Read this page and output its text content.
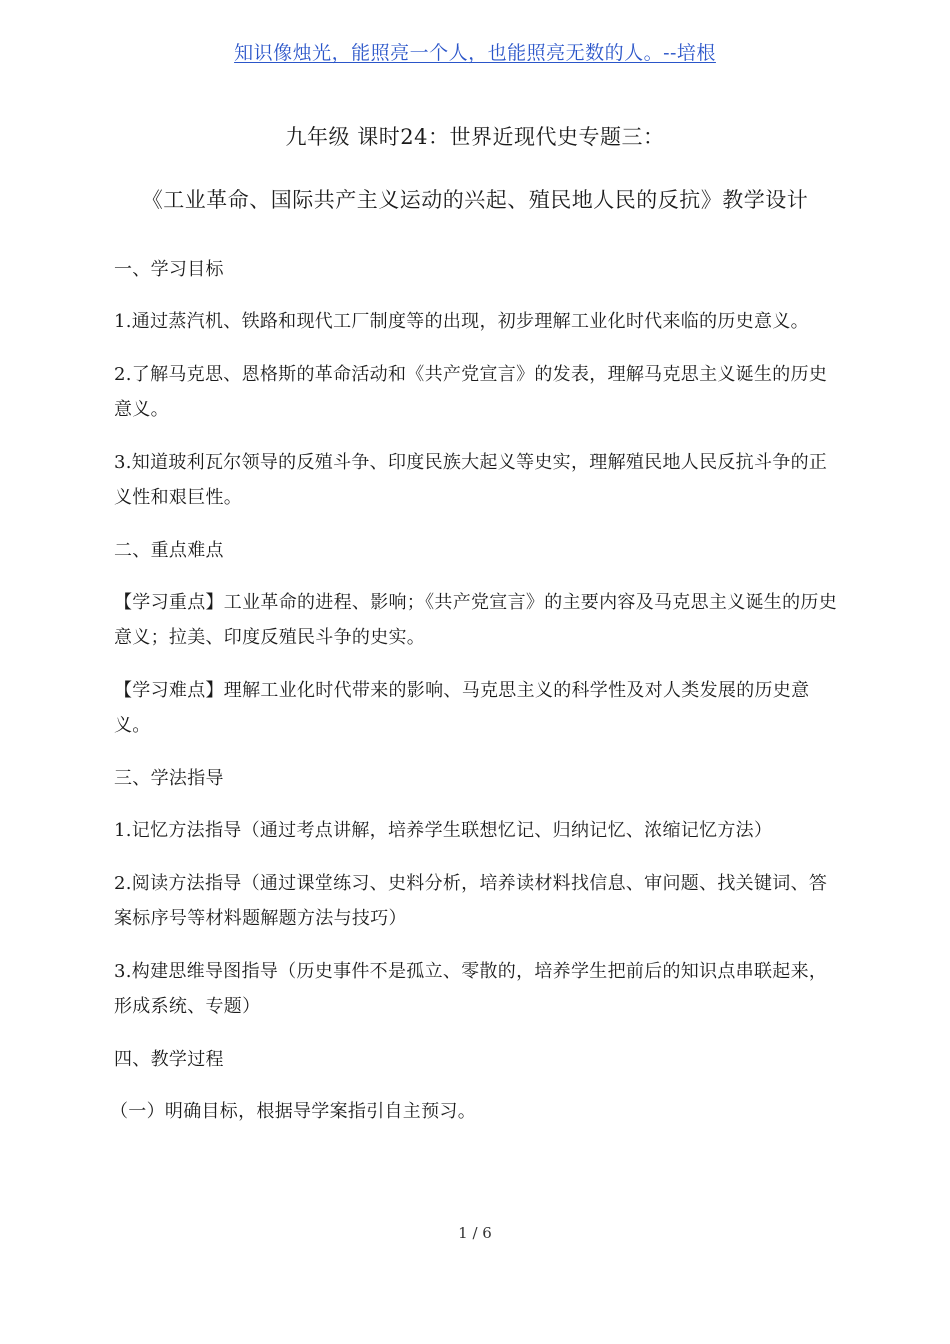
知识像烛光，能照亮一个人，也能照亮无数的人。--培根
九年级 课时24：世界近现代史专题三：
《工业革命、国际共产主义运动的兴起、殖民地人民的反抗》教学设计

一、学习目标

1.通过蒸汽机、铁路和现代工厂制度等的出现，初步理解工业化时代来临的历史意义。

2.了解马克思、恩格斯的革命活动和《共产党宣言》的发表，理解马克思主义诞生的历史意义。

3.知道玻利瓦尔领导的反殖斗争、印度民族大起义等史实，理解殖民地人民反抗斗争的正义性和艰巨性。

二、重点难点

【学习重点】工业革命的进程、影响；《共产党宣言》的主要内容及马克思主义诞生的历史意义；拉美、印度反殖民斗争的史实。

【学习难点】理解工业化时代带来的影响、马克思主义的科学性及对人类发展的历史意义。

三、学法指导

1.记忆方法指导（通过考点讲解，培养学生联想忆记、归纳记忆、浓缩记忆方法）

2.阅读方法指导（通过课堂练习、史料分析，培养读材料找信息、审问题、找关键词、答案标序号等材料题解题方法与技巧）

3.构建思维导图指导（历史事件不是孤立、零散的，培养学生把前后的知识点串联起来，形成系统、专题）

四、教学过程

（一）明确目标，根据导学案指引自主预习。

1 / 6
